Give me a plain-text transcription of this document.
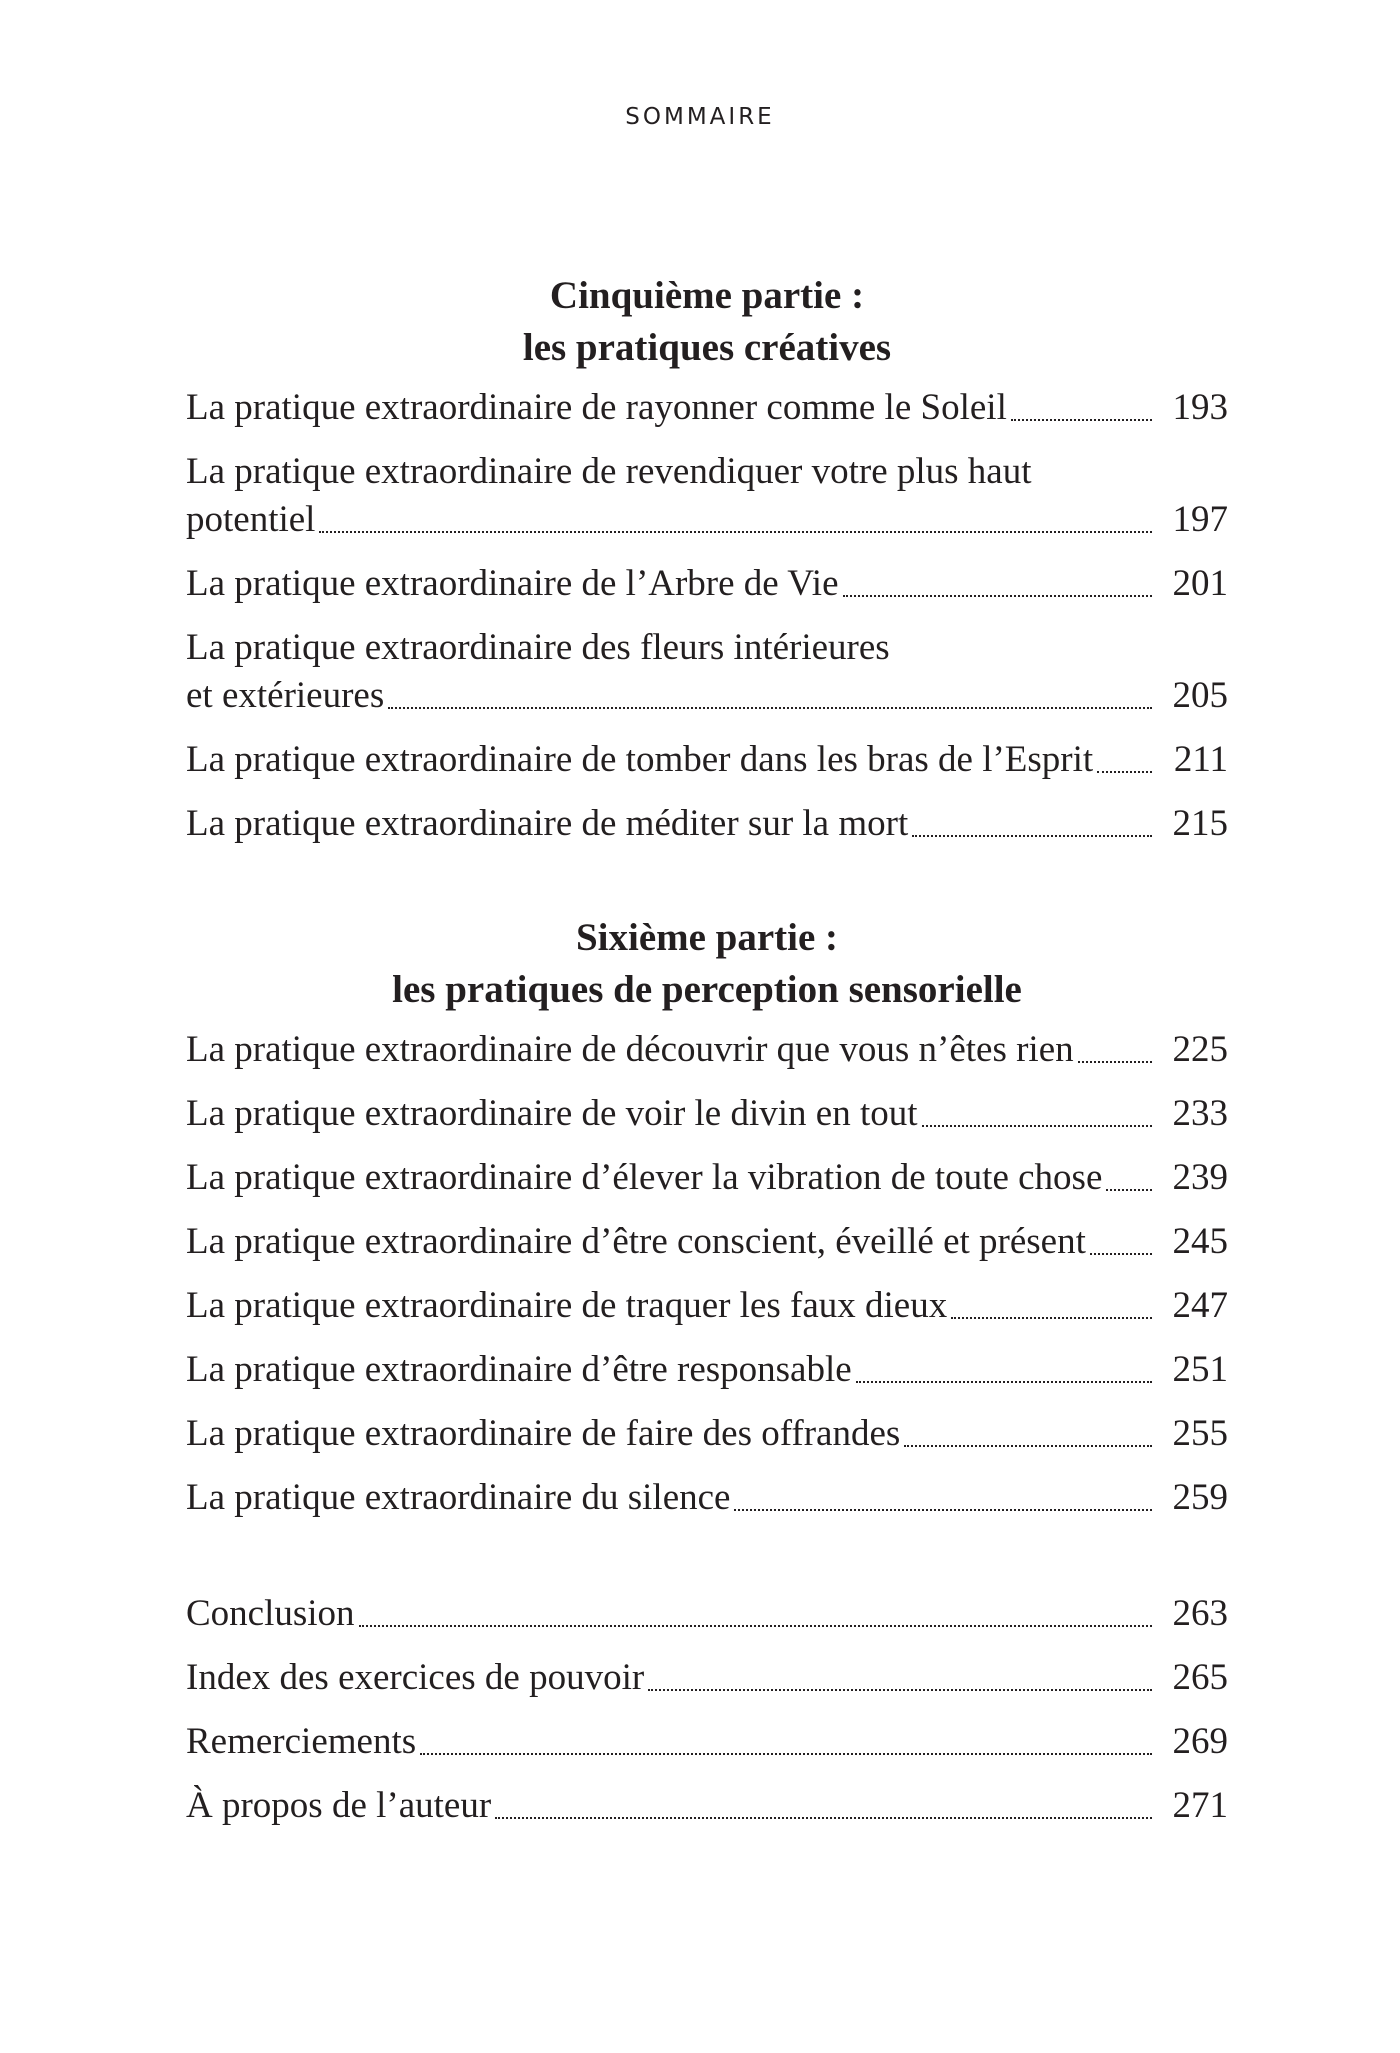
SOMMAIRE
Cinquième partie :
les pratiques créatives
La pratique extraordinaire de rayonner comme le Soleil	193
La pratique extraordinaire de revendiquer votre plus haut
potentiel	197
La pratique extraordinaire de l’Arbre de Vie	201
La pratique extraordinaire des fleurs intérieures
et extérieures	205
La pratique extraordinaire de tomber dans les bras de l’Esprit 211
La pratique extraordinaire de méditer sur la mort	215
Sixième partie :
les pratiques de perception sensorielle
La pratique extraordinaire de découvrir que vous n’êtes rien	225
La pratique extraordinaire de voir le divin en tout	233
La pratique extraordinaire d’élever la vibration de toute chose 239
La pratique extraordinaire d’être conscient, éveillé et présent 245
La pratique extraordinaire de traquer les faux dieux	247
La pratique extraordinaire d’être responsable	251
La pratique extraordinaire de faire des offrandes	255
La pratique extraordinaire du silence	259
Conclusion	263
Index des exercices de pouvoir	265
Remerciements	269
À propos de l’auteur	271
